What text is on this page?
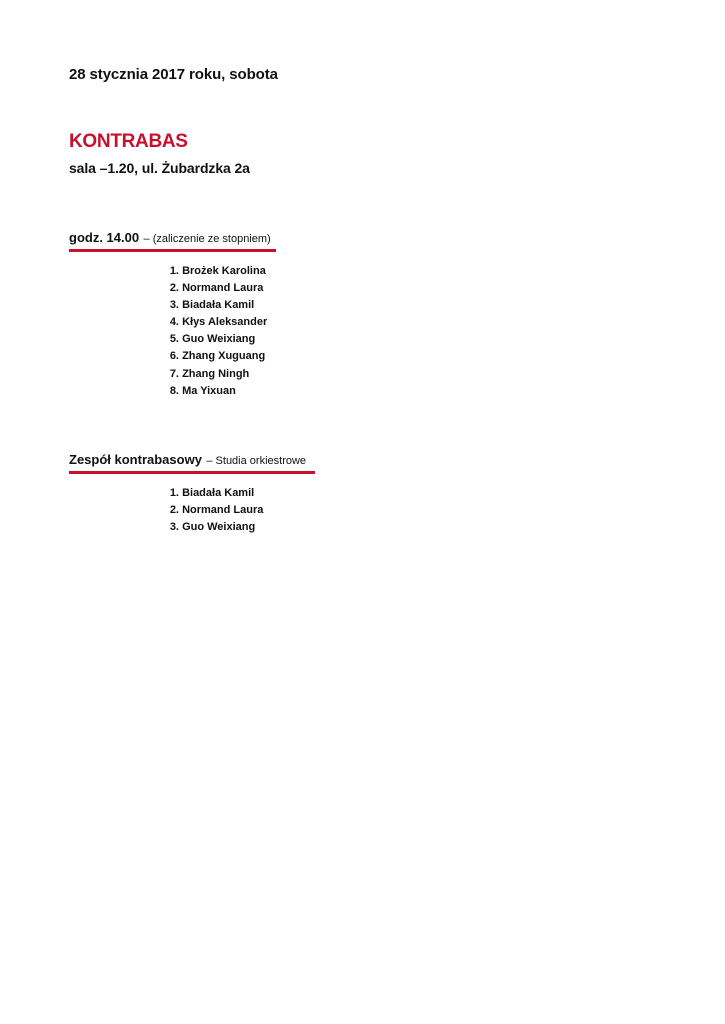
28 stycznia 2017 roku, sobota
KONTRABAS
sala –1.20, ul. Żubardzka 2a
godz. 14.00 – (zaliczenie ze stopniem)
1. Brożek Karolina
2. Normand Laura
3. Biadała Kamil
4. Kłys Aleksander
5. Guo Weixiang
6. Zhang Xuguang
7. Zhang Ningh
8. Ma Yixuan
Zespół kontrabasowy – Studia orkiestrowe
1. Biadała Kamil
2. Normand Laura
3. Guo Weixiang
